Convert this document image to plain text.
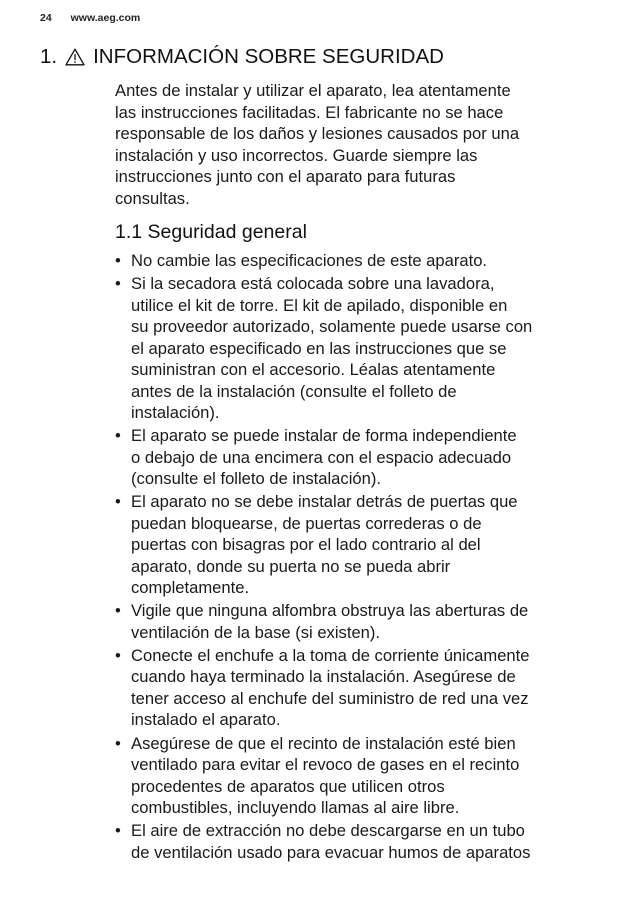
24 www.aeg.com
1. INFORMACIÓN SOBRE SEGURIDAD
Antes de instalar y utilizar el aparato, lea atentamente
las instrucciones facilitadas. El fabricante no se hace
responsable de los daños y lesiones causados por una
instalación y uso incorrectos. Guarde siempre las
instrucciones junto con el aparato para futuras
consultas.
1.1 Seguridad general
• No cambie las especificaciones de este aparato.
• Si la secadora está colocada sobre una lavadora,
utilice el kit de torre. El kit de apilado, disponible en
su proveedor autorizado, solamente puede usarse con
el aparato especificado en las instrucciones que se
suministran con el accesorio. Léalas atentamente
antes de la instalación (consulte el folleto de
instalación).
• El aparato se puede instalar de forma independiente
o debajo de una encimera con el espacio adecuado
(consulte el folleto de instalación).
• El aparato no se debe instalar detrás de puertas que
puedan bloquearse, de puertas correderas o de
puertas con bisagras por el lado contrario al del
aparato, donde su puerta no se pueda abrir
completamente.
• Vigile que ninguna alfombra obstruya las aberturas de
ventilación de la base (si existen).
• Conecte el enchufe a la toma de corriente únicamente
cuando haya terminado la instalación. Asegúrese de
tener acceso al enchufe del suministro de red una vez
instalado el aparato.
• Asegúrese de que el recinto de instalación esté bien
ventilado para evitar el revoco de gases en el recinto
procedentes de aparatos que utilicen otros
combustibles, incluyendo llamas al aire libre.
• El aire de extracción no debe descargarse en un tubo
de ventilación usado para evacuar humos de aparatos
